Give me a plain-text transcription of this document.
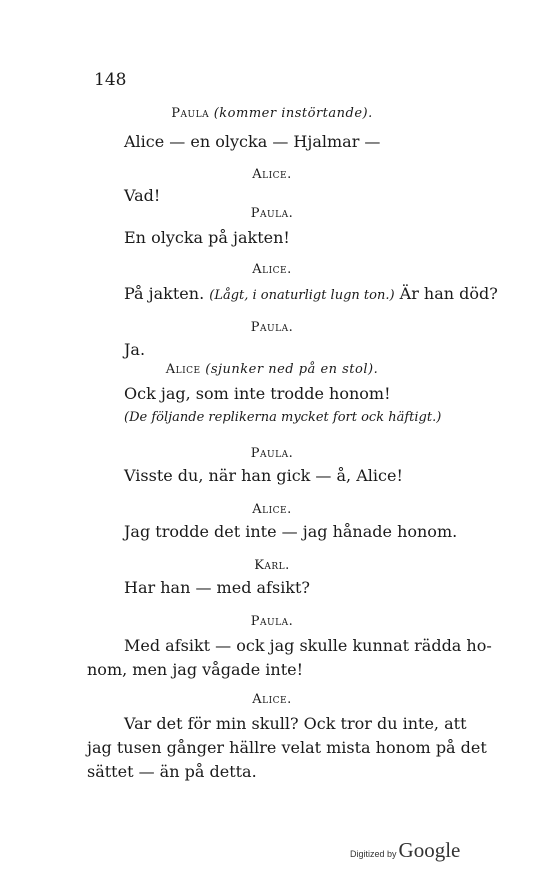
148
Paula (kommer instörtande).
Alice — en olycka — Hjalmar —
Alice.
Vad!
Paula.
En olycka på jakten!
Alice.
På jakten. (Lågt, i onaturligt lugn ton.) Är han död?
Paula.
Ja.
Alice (sjunker ned på en stol).
Ock jag, som inte trodde honom!
(De följande replikerna mycket fort ock häftigt.)
Paula.
Visste du, när han gick — å, Alice!
Alice.
Jag trodde det inte — jag hånade honom.
Karl.
Har han — med afsikt?
Paula.
Med afsikt — ock jag skulle kunnat rädda ho-
nom, men jag vågade inte!
Alice.
Var det för min skull? Ock tror du inte, att
jag tusen gånger hällre velat mista honom på det
sättet — än på detta.
Digitized by Google
